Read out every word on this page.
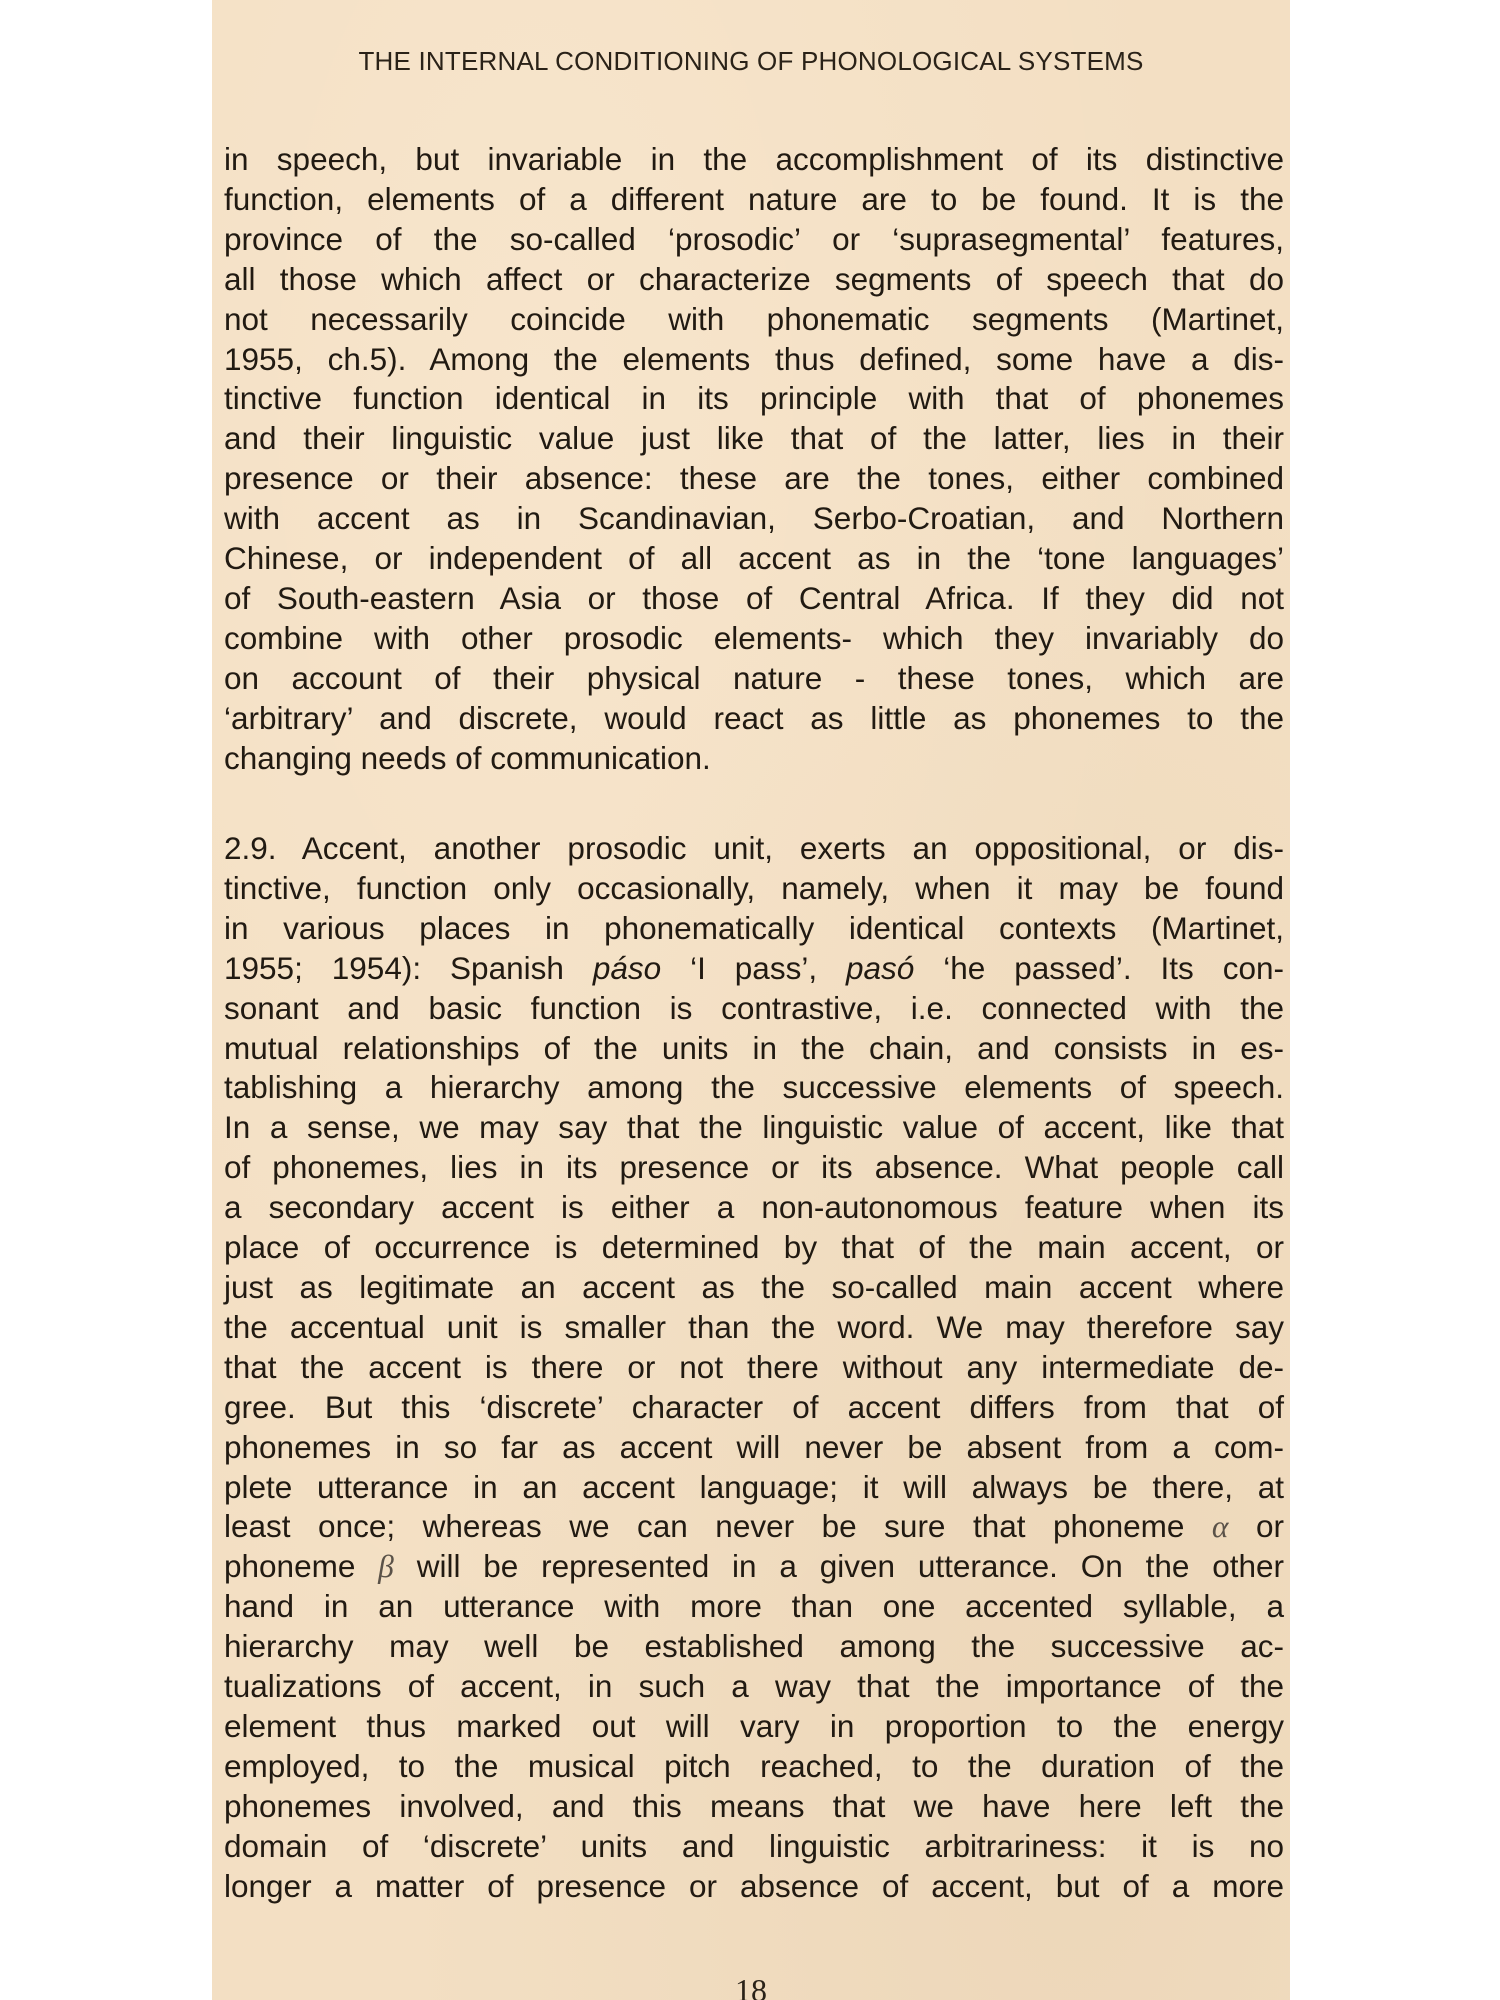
THE INTERNAL CONDITIONING OF PHONOLOGICAL SYSTEMS

in speech, but invariable in the accomplishment of its distinctive

function, elements of a different nature are to be found. It is the

province of the so-called ‘prosodic’ or ‘suprasegmental’ features,

all those which affect or characterize segments of speech that do

not necessarily coincide with phonematic segments (Martinet,

1955, ch.5). Among the elements thus defined, some have a dis-

tinctive function identical in its principle with that of phonemes

and their linguistic value just like that of the latter, lies in their

presence or their absence: these are the tones, either combined

with accent as in Scandinavian, Serbo-Croatian, and Northern

Chinese, or independent of all accent as in the ‘tone languages’

of South-eastern Asia or those of Central Africa. If they did not

combine with other prosodic elements- which they invariably do

on account of their physical nature - these tones, which are

‘arbitrary’ and discrete, would react as little as phonemes to the

changing needs of communication.

2.9. Accent, another prosodic unit, exerts an oppositional, or dis-

tinctive, function only occasionally, namely, when it may be found

in various places in phonematically identical contexts (Martinet,

1955; 1954): Spanish páso ‘I pass’, pasó ‘he passed’. Its con-

sonant and basic function is contrastive, i.e. connected with the

mutual relationships of the units in the chain, and consists in es-

tablishing a hierarchy among the successive elements of speech.

In a sense, we may say that the linguistic value of accent, like that

of phonemes, lies in its presence or its absence. What people call

a secondary accent is either a non-autonomous feature when its

place of occurrence is determined by that of the main accent, or

just as legitimate an accent as the so-called main accent where

the accentual unit is smaller than the word. We may therefore say

that the accent is there or not there without any intermediate de-

gree. But this ‘discrete’ character of accent differs from that of

phonemes in so far as accent will never be absent from a com-

plete utterance in an accent language; it will always be there, at

least once; whereas we can never be sure that phoneme α or

phoneme β will be represented in a given utterance. On the other

hand in an utterance with more than one accented syllable, a

hierarchy may well be established among the successive ac-

tualizations of accent, in such a way that the importance of the

element thus marked out will vary in proportion to the energy

employed, to the musical pitch reached, to the duration of the

phonemes involved, and this means that we have here left the

domain of ‘discrete’ units and linguistic arbitrariness: it is no

longer a matter of presence or absence of accent, but of a more

18
